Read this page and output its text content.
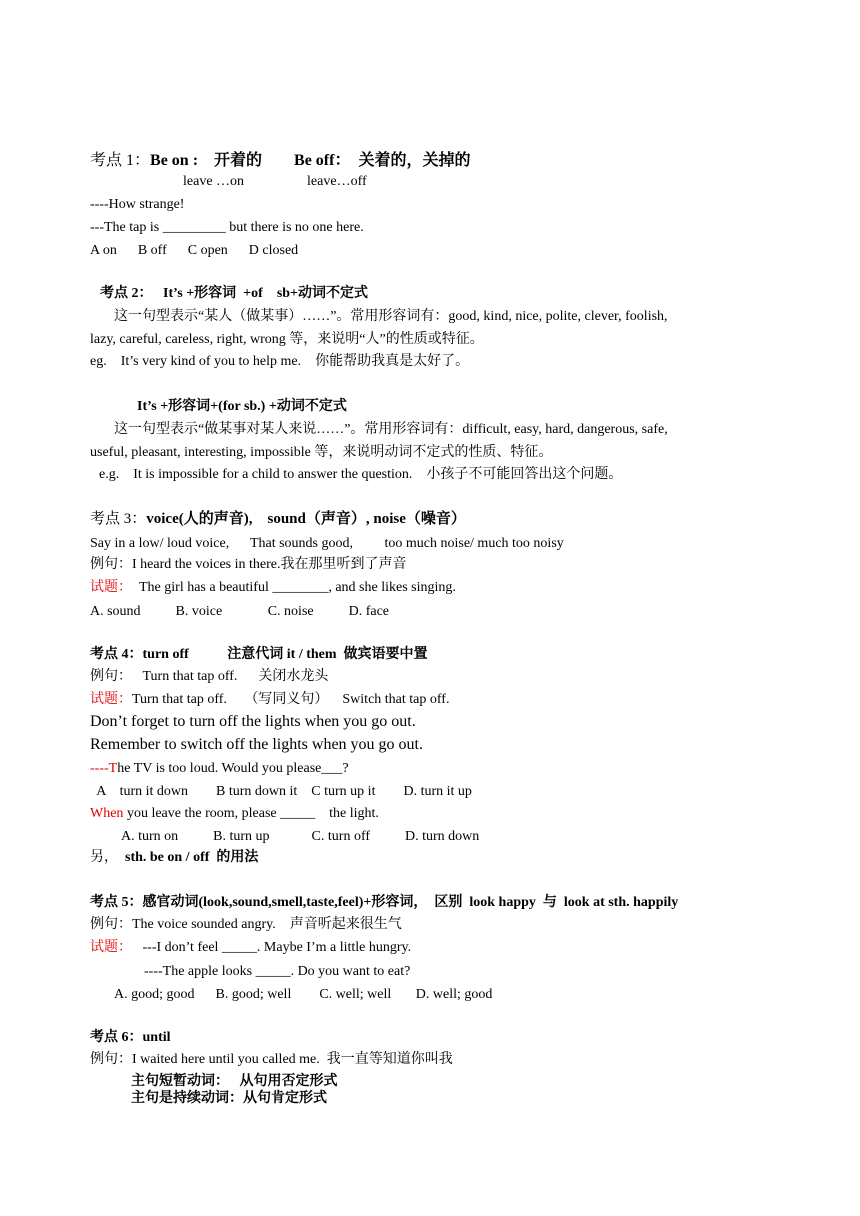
考点 1：Be on :    开着的        Be off：  关着的，关掉的
leave …on                  leave…off
----How strange!
---The tap is _________ but there is no one here.
A on      B off      C open      D closed
考点 2：   It’s +形容词  +of    sb+动词不定式
这一句型表示“某人（做某事）……”。常用形容词有：good, kind, nice, polite, clever, foolish,
lazy, careful, careless, right, wrong 等，来说明“人”的性质或特征。
eg.    It’s very kind of you to help me.    你能帮助我真是太好了。
It’s +形容词+(for sb.) +动词不定式
这一句型表示“做某事对某人来说……”。常用形容词有：difficult, easy, hard, dangerous, safe,
useful, pleasant, interesting, impossible 等，来说明动词不定式的性质、特征。
e.g.    It is impossible for a child to answer the question.    小孩子不可能回答出这个问题。
考点 3：voice(人的声音),    sound（声音）, noise（噪音）
Say in a low/ loud voice,      That sounds good,         too much noise/ much too noisy
例句：I heard the voices in there.我在那里听到了声音
试题：  The girl has a beautiful ________, and she likes singing.
A. sound          B. voice             C. noise          D. face
考点 4：turn off           注意代词 it / them  做宾语要中置
例句：   Turn that tap off.      关闭水龙头
试题：Turn that tap off.     （写同义句）    Switch that tap off.
Don’t forget to turn off the lights when you go out.
Remember to switch off the lights when you go out.
----The TV is too loud. Would you please___?
A    turn it down        B turn down it    C turn up it        D. turn it up
When you leave the room, please _____    the light.
A. turn on          B. turn up            C. turn off          D. turn down
另，  sth. be on / off  的用法
考点 5：感官动词(look,sound,smell,taste,feel)+形容词，  区别  look happy  与  look at sth. happily
例句：The voice sounded angry.    声音听起来很生气
试题：   ---I don’t feel _____. Maybe I’m a little hungry.
----The apple looks _____. Do you want to eat?
A. good; good      B. good; well        C. well; well       D. well; good
考点 6：until
例句：I waited here until you called me.  我一直等知道你叫我
主句短暂动词：   从句用否定形式
主句是持续动词：从句肯定形式
